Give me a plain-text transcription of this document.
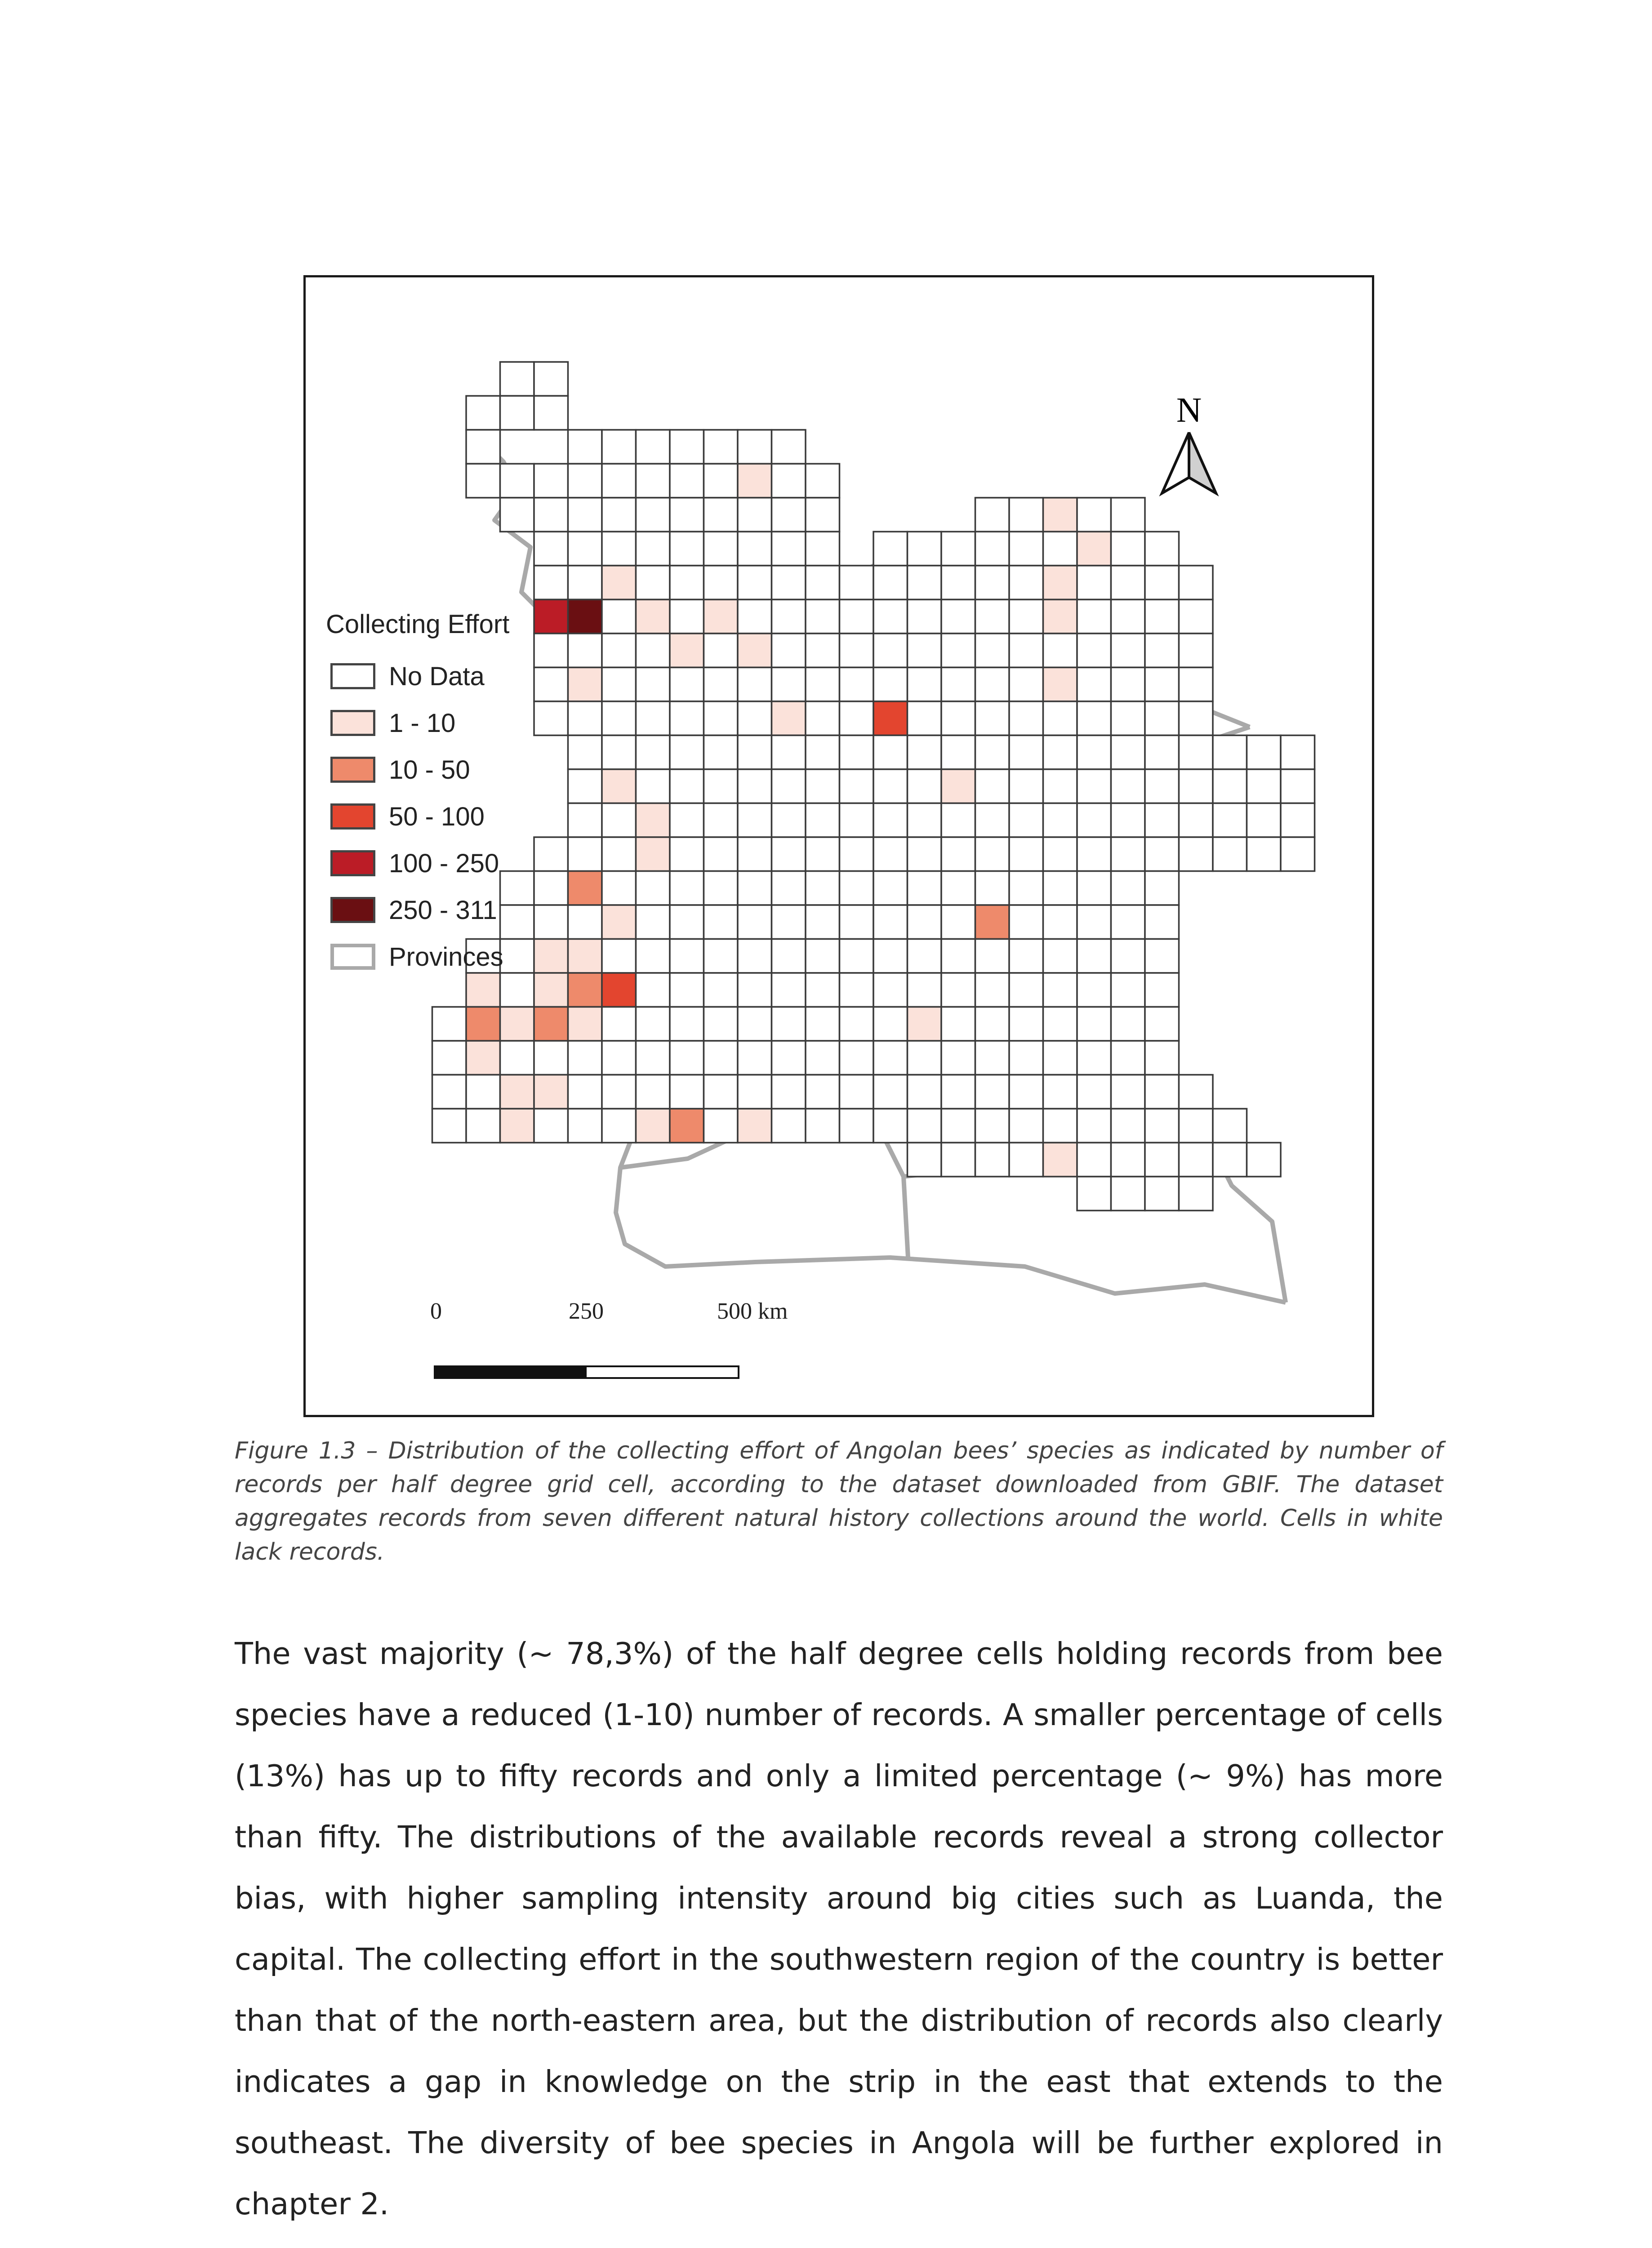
N
Collecting Effort
No Data
1 - 10
10 - 50
50 - 100
100 - 250
250 - 311
Provinces
0	250	500 km
Figure 1.3 – Distribution of the collecting effort of Angolan bees’ species as indicated by number of records per half degree grid cell, according to the dataset downloaded from GBIF. The dataset aggregates records from seven different natural history collections around the world. Cells in white lack records.
The vast majority (~ 78,3%) of the half degree cells holding records from bee species have a reduced (1-10) number of records. A smaller percentage of cells (13%) has up to fifty records and only a limited percentage (~ 9%) has more than fifty. The distributions of the available records reveal a strong collector bias, with higher sampling intensity around big cities such as Luanda, the capital. The collecting effort in the southwestern region of the country is better than that of the north-eastern area, but the distribution of records also clearly indicates a gap in knowledge on the strip in the east that extends to the southeast. The diversity of bee species in Angola will be further explored in chapter 2.
